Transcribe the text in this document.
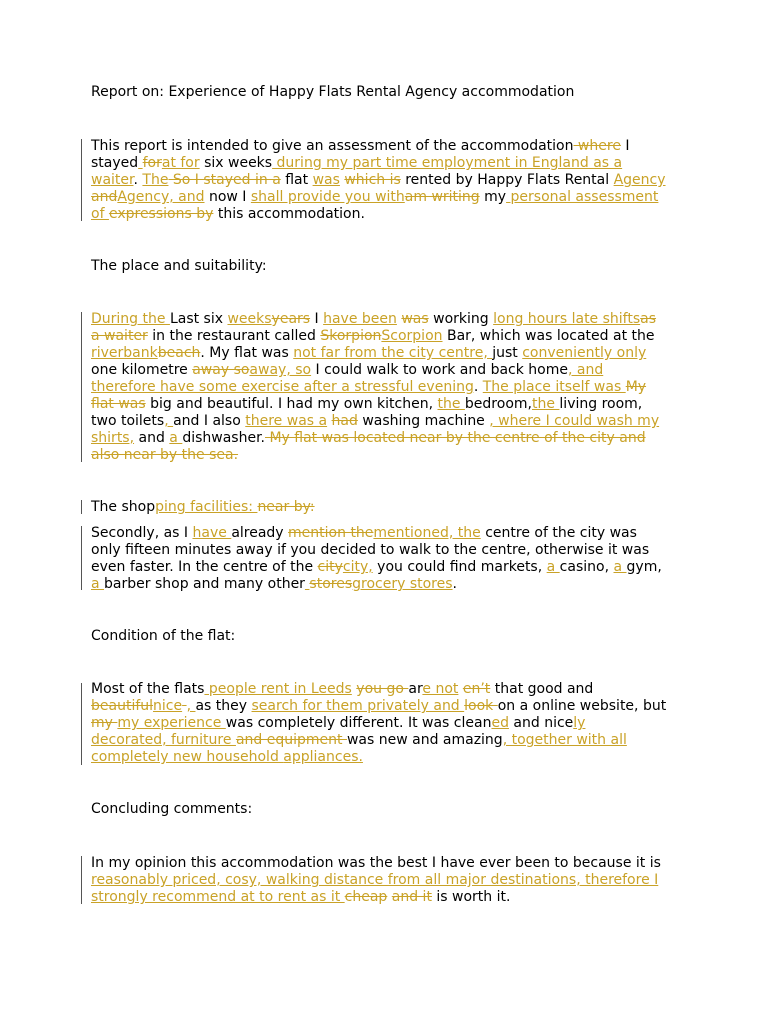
Report on: Experience of Happy Flats Rental Agency accommodation
This report is intended to give an assessment of the accommodation where I
stayed forat for six weeks during my part time employment in England as a
waiter. The So I stayed in a flat was which is rented by Happy Flats Rental Agency
andAgency, and now I shall provide you witham writing my personal assessment
of expressions by this accommodation.
The place and suitability:
During the Last six weeksyears I have been was working long hours late shiftsas
a waiter in the restaurant called SkorpionScorpion Bar, which was located at the
riverbankbeach. My flat was not far from the city centre, just conveniently only
one kilometre away soaway, so I could walk to work and back home, and
therefore have some exercise after a stressful evening. The place itself was My
flat was big and beautiful. I had my own kitchen, the bedroom,the living room,
two toilets, and I also there was a had washing machine , where I could wash my
shirts, and a dishwasher. My flat was located near by the centre of the city and
also near by the sea.
The shopping facilities: near by:
Secondly, as I have already mention thementioned, the centre of the city was
only fifteen minutes away if you decided to walk to the centre, otherwise it was
even faster. In the centre of the citycity, you could find markets, a casino, a gym,
a barber shop and many other storesgrocery stores.
Condition of the flat:
Most of the flats people rent in Leeds you go are not en’t that good and
beautifulnice , as they search for them privately and look on a online website, but
my my experience was completely different. It was cleaned and nicely
decorated, furniture and equipment was new and amazing, together with all
completely new household appliances.
Concluding comments:
In my opinion this accommodation was the best I have ever been to because it is
reasonably priced, cosy, walking distance from all major destinations, therefore I
strongly recommend at to rent as it cheap and it is worth it.
